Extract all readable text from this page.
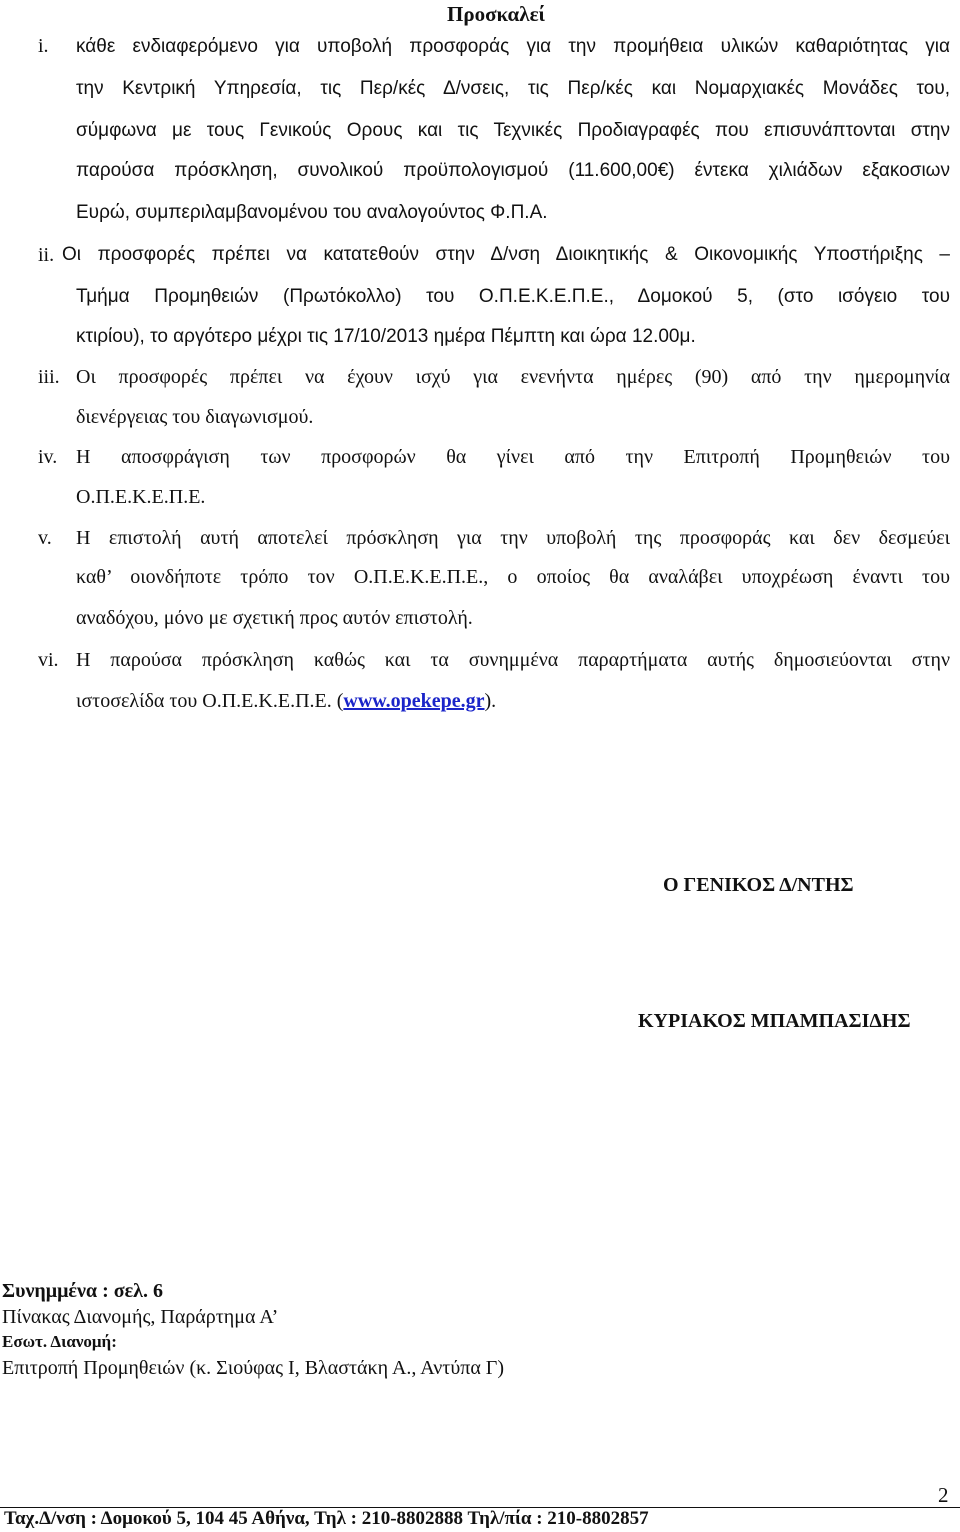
Προσκαλεί
i. κάθε ενδιαφερόμενο για υποβολή προσφοράς για την προμήθεια υλικών καθαριότητας για
την Κεντρική Υπηρεσία, τις Περ/κές Δ/νσεις, τις Περ/κές και Νομαρχιακές Μονάδες του,
σύμφωνα με τους Γενικούς Ορους και τις Τεχνικές Προδιαγραφές που επισυνάπτονται στην
παρούσα πρόσκληση, συνολικού προϋπολογισμού (11.600,00€) έντεκα χιλιάδων εξακοσιων
Ευρώ, συμπεριλαμβανομένου του αναλογούντος Φ.Π.Α.
ii. Οι προσφορές πρέπει να κατατεθούν στην Δ/νση Διοικητικής & Οικονομικής Υποστήριξης –
Τμήμα Προμηθειών (Πρωτόκολλο) του Ο.Π.Ε.Κ.Ε.Π.Ε., Δομοκού 5, (στο ισόγειο του
κτιρίου), το αργότερο μέχρι τις 17/10/2013 ημέρα Πέμπτη και ώρα 12.00μ.
iii. Οι προσφορές πρέπει να έχουν ισχύ για ενενήντα ημέρες (90) από την ημερομηνία
διενέργειας του διαγωνισμού.
iv. Η αποσφράγιση των προσφορών θα γίνει από την Επιτροπή Προμηθειών του
Ο.Π.Ε.Κ.Ε.Π.Ε.
v. Η επιστολή αυτή αποτελεί πρόσκληση για την υποβολή της προσφοράς και δεν δεσμεύει
καθ’ οιονδήποτε τρόπο τον Ο.Π.Ε.Κ.Ε.Π.Ε., ο οποίος θα αναλάβει υποχρέωση έναντι του
αναδόχου, μόνο με σχετική προς αυτόν επιστολή.
vi. Η παρούσα πρόσκληση καθώς και τα συνημμένα παραρτήματα αυτής δημοσιεύονται στην
ιστοσελίδα του Ο.Π.Ε.Κ.Ε.Π.Ε. (www.opekepe.gr).
Ο ΓΕΝΙΚΟΣ Δ/ΝΤΗΣ
ΚΥΡΙΑΚΟΣ ΜΠΑΜΠΑΣΙΔΗΣ
Συνημμένα : σελ. 6
Πίνακας Διανομής, Παράρτημα Α’
Εσωτ. Διανομή:
Επιτροπή Προμηθειών (κ. Σιούφας Ι, Βλαστάκη Α., Αντύπα Γ)
2
Ταχ.Δ/νση : Δομοκού 5, 104 45 Αθήνα, Τηλ : 210-8802888 Τηλ/πία : 210-8802857
